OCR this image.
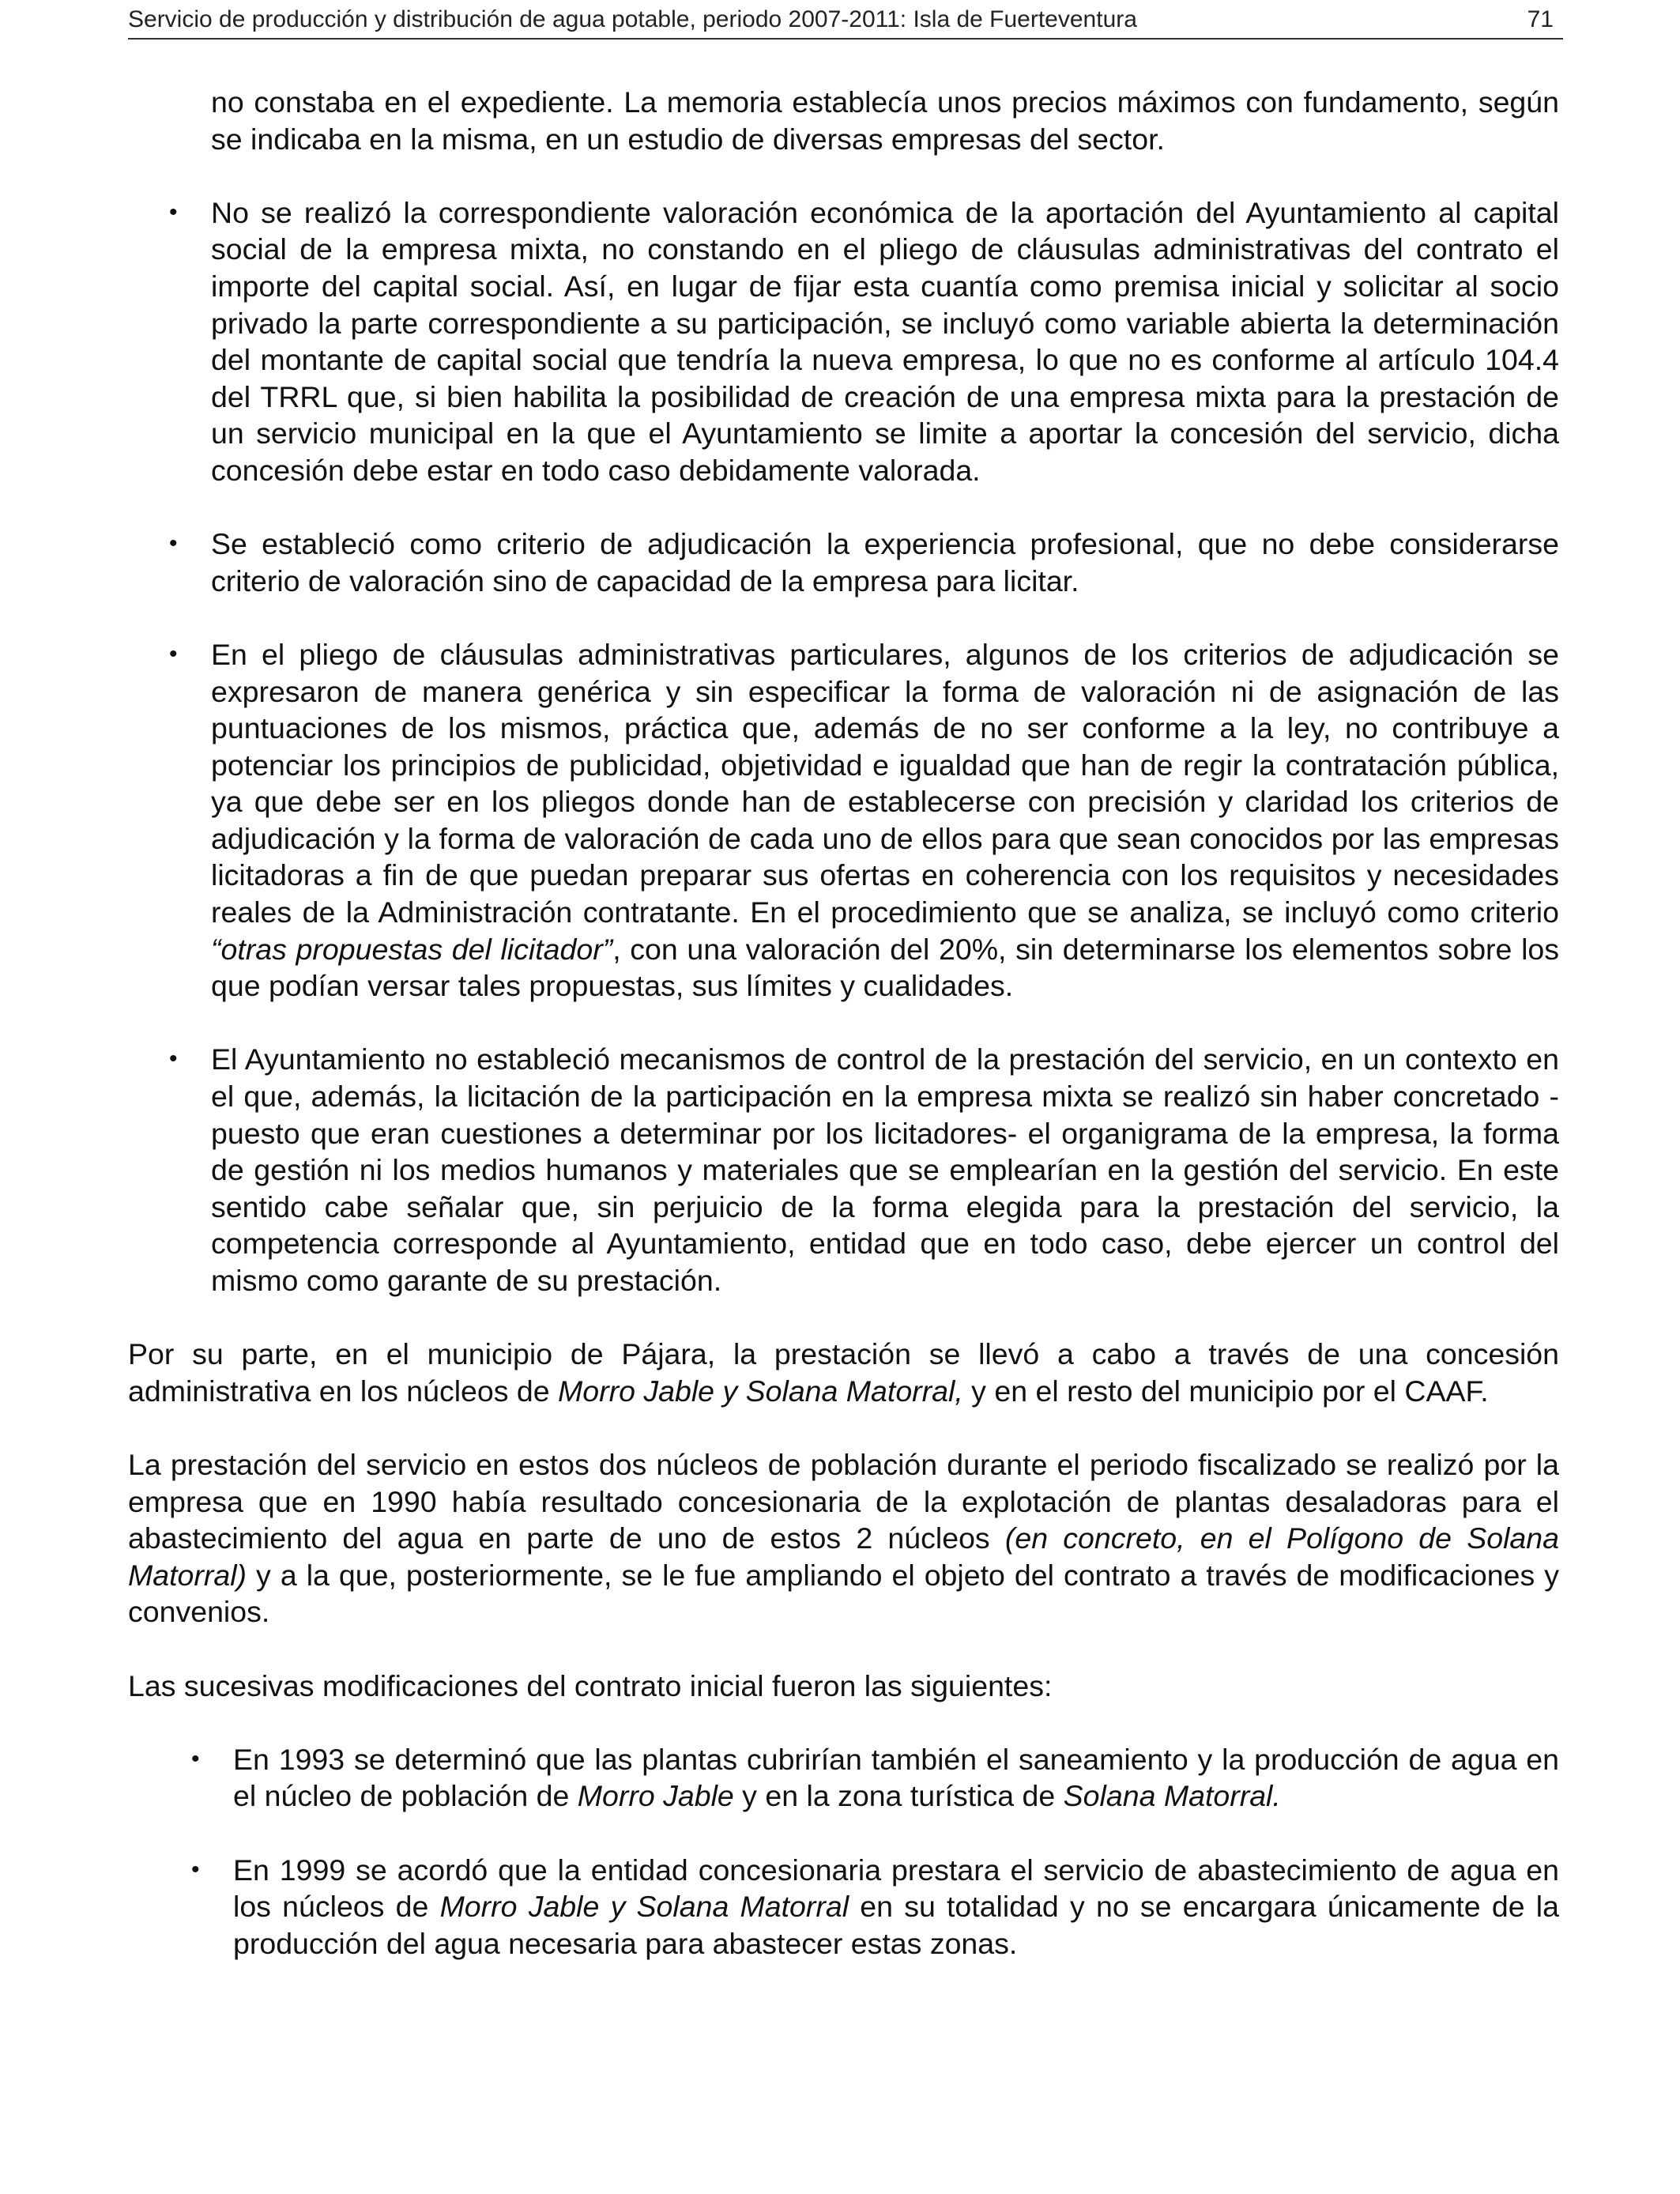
Servicio de producción y distribución de agua potable, periodo 2007-2011: Isla de Fuerteventura	71

no constaba en el expediente. La memoria establecía unos precios máximos con fundamento, según se indicaba en la misma, en un estudio de diversas empresas del sector.

• No se realizó la correspondiente valoración económica de la aportación del Ayuntamiento al capital social de la empresa mixta, no constando en el pliego de cláusulas administrativas del contrato el importe del capital social. Así, en lugar de fijar esta cuantía como premisa inicial y solicitar al socio privado la parte correspondiente a su participación, se incluyó como variable abierta la determinación del montante de capital social que tendría la nueva empresa, lo que no es conforme al artículo 104.4 del TRRL que, si bien habilita la posibilidad de creación de una empresa mixta para la prestación de un servicio municipal en la que el Ayuntamiento se limite a aportar la concesión del servicio, dicha concesión debe estar en todo caso debidamente valorada.
• Se estableció como criterio de adjudicación la experiencia profesional, que no debe considerarse criterio de valoración sino de capacidad de la empresa para licitar.
• En el pliego de cláusulas administrativas particulares, algunos de los criterios de adjudicación se expresaron de manera genérica y sin especificar la forma de valoración ni de asignación de las puntuaciones de los mismos, práctica que, además de no ser conforme a la ley, no contribuye a potenciar los principios de publicidad, objetividad e igualdad que han de regir la contratación pública, ya que debe ser en los pliegos donde han de establecerse con precisión y claridad los criterios de adjudicación y la forma de valoración de cada uno de ellos para que sean conocidos por las empresas licitadoras a fin de que puedan preparar sus ofertas en coherencia con los requisitos y necesidades reales de la Administración contratante. En el procedimiento que se analiza, se incluyó como criterio “otras propuestas del licitador”, con una valoración del 20%, sin determinarse los elementos sobre los que podían versar tales propuestas, sus límites y cualidades.
• El Ayuntamiento no estableció mecanismos de control de la prestación del servicio, en un contexto en el que, además, la licitación de la participación en la empresa mixta se realizó sin haber concretado -puesto que eran cuestiones a determinar por los licitadores- el organigrama de la empresa, la forma de gestión ni los medios humanos y materiales que se emplearían en la gestión del servicio. En este sentido cabe señalar que, sin perjuicio de la forma elegida para la prestación del servicio, la competencia corresponde al Ayuntamiento, entidad que en todo caso, debe ejercer un control del mismo como garante de su prestación.

Por su parte, en el municipio de Pájara, la prestación se llevó a cabo a través de una concesión administrativa en los núcleos de Morro Jable y Solana Matorral, y en el resto del municipio por el CAAF.

La prestación del servicio en estos dos núcleos de población durante el periodo fiscalizado se realizó por la empresa que en 1990 había resultado concesionaria de la explotación de plantas desaladoras para el abastecimiento del agua en parte de uno de estos 2 núcleos (en concreto, en el Polígono de Solana Matorral) y a la que, posteriormente, se le fue ampliando el objeto del contrato a través de modificaciones y convenios.

Las sucesivas modificaciones del contrato inicial fueron las siguientes:

• En 1993 se determinó que las plantas cubrirían también el saneamiento y la producción de agua en el núcleo de población de Morro Jable y en la zona turística de Solana Matorral.
• En 1999 se acordó que la entidad concesionaria prestara el servicio de abastecimiento de agua en los núcleos de Morro Jable y Solana Matorral en su totalidad y no se encargara únicamente de la producción del agua necesaria para abastecer estas zonas.
